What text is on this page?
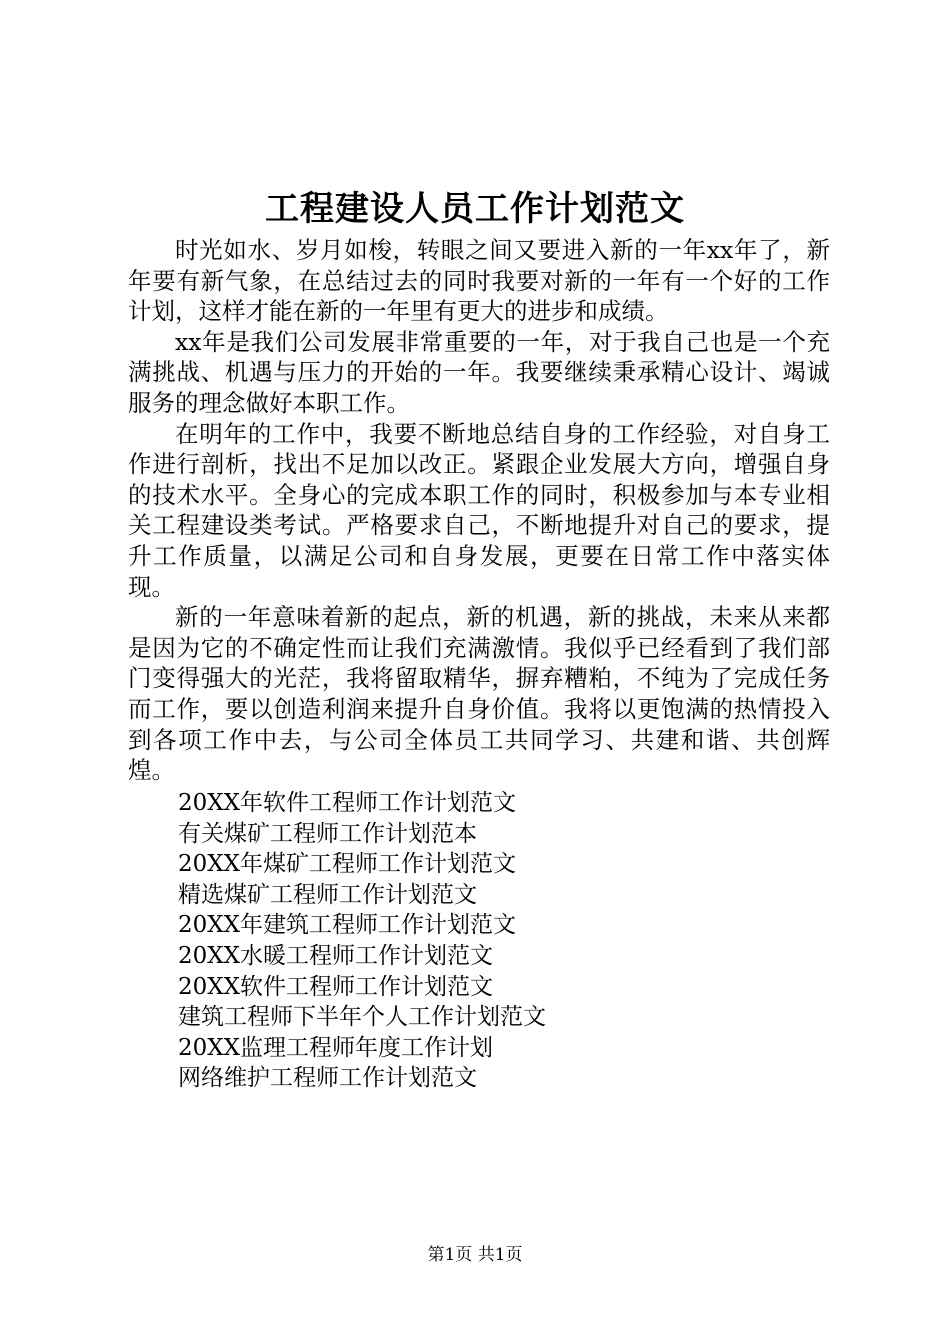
工程建设人员工作计划范文

时光如水、岁月如梭，转眼之间又要进入新的一年xx年了，新年要有新气象，在总结过去的同时我要对新的一年有一个好的工作计划，这样才能在新的一年里有更大的进步和成绩。

xx年是我们公司发展非常重要的一年，对于我自己也是一个充满挑战、机遇与压力的开始的一年。我要继续秉承精心设计、竭诚服务的理念做好本职工作。

在明年的工作中，我要不断地总结自身的工作经验，对自身工作进行剖析，找出不足加以改正。紧跟企业发展大方向，增强自身的技术水平。全身心的完成本职工作的同时，积极参加与本专业相关工程建设类考试。严格要求自己，不断地提升对自己的要求，提升工作质量，以满足公司和自身发展，更要在日常工作中落实体现。

新的一年意味着新的起点，新的机遇，新的挑战，未来从来都是因为它的不确定性而让我们充满激情。我似乎已经看到了我们部门变得强大的光茫，我将留取精华，摒弃糟粕，不纯为了完成任务而工作，要以创造利润来提升自身价值。我将以更饱满的热情投入到各项工作中去，与公司全体员工共同学习、共建和谐、共创辉煌。

20XX年软件工程师工作计划范文
有关煤矿工程师工作计划范本
20XX年煤矿工程师工作计划范文
精选煤矿工程师工作计划范文
20XX年建筑工程师工作计划范文
20XX水暖工程师工作计划范文
20XX软件工程师工作计划范文
建筑工程师下半年个人工作计划范文
20XX监理工程师年度工作计划
网络维护工程师工作计划范文
第1页 共1页
